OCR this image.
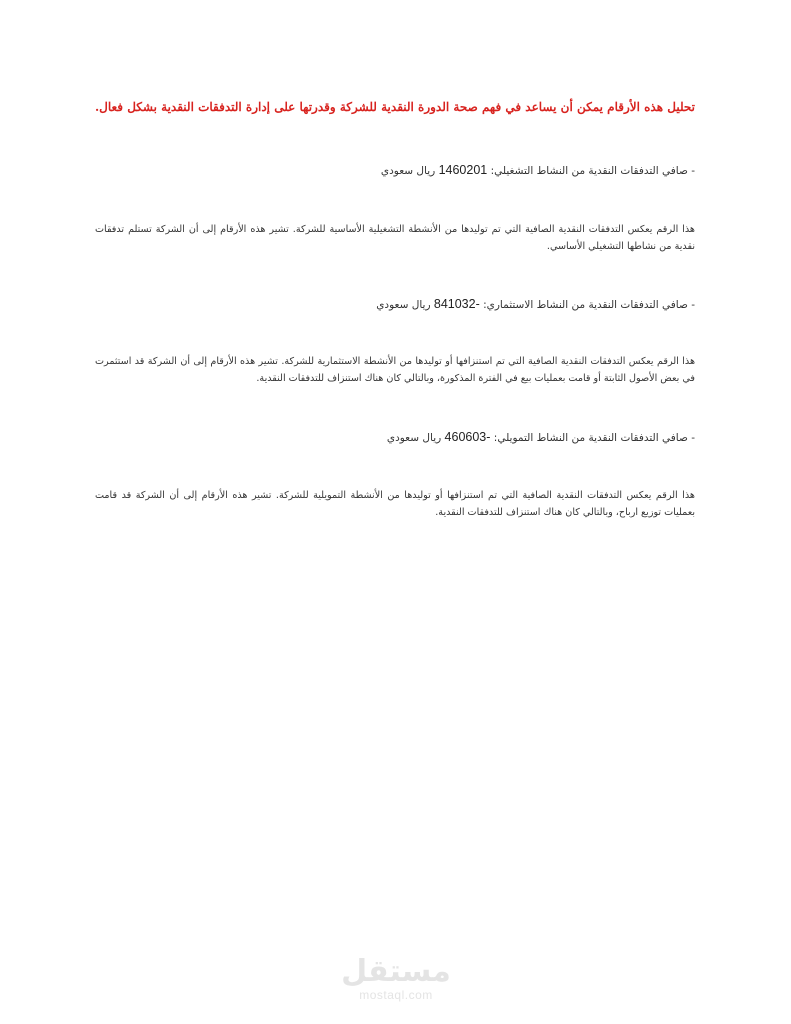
تحليل هذه الأرقام يمكن أن يساعد في فهم صحة الدورة النقدية للشركة وقدرتها على إدارة التدفقات النقدية بشكل فعال.
- صافي التدفقات النقدية من النشاط التشغيلي: 1460201 ريال سعودي
هذا الرقم يعكس التدفقات النقدية الصافية التي تم توليدها من الأنشطة التشغيلية الأساسية للشركة. تشير هذه الأرقام إلى أن الشركة تستلم تدفقات نقدية من نشاطها التشغيلي الأساسي.
- صافي التدفقات النقدية من النشاط الاستثماري: -841032 ريال سعودي
هذا الرقم يعكس التدفقات النقدية الصافية التي تم استنزافها أو توليدها من الأنشطة الاستثمارية للشركة. تشير هذه الأرقام إلى أن الشركة قد استثمرت في بعض الأصول الثابتة أو قامت بعمليات بيع في الفترة المذكورة، وبالتالي كان هناك استنزاف للتدفقات النقدية.
- صافي التدفقات النقدية من النشاط التمويلي: -460603 ريال سعودي
هذا الرقم يعكس التدفقات النقدية الصافية التي تم استنزافها أو توليدها من الأنشطة التمويلية للشركة. تشير هذه الأرقام إلى أن الشركة قد قامت بعمليات توزيع ارباح، وبالتالي كان هناك استنزاف للتدفقات النقدية.
مستقل
mostaql.com
